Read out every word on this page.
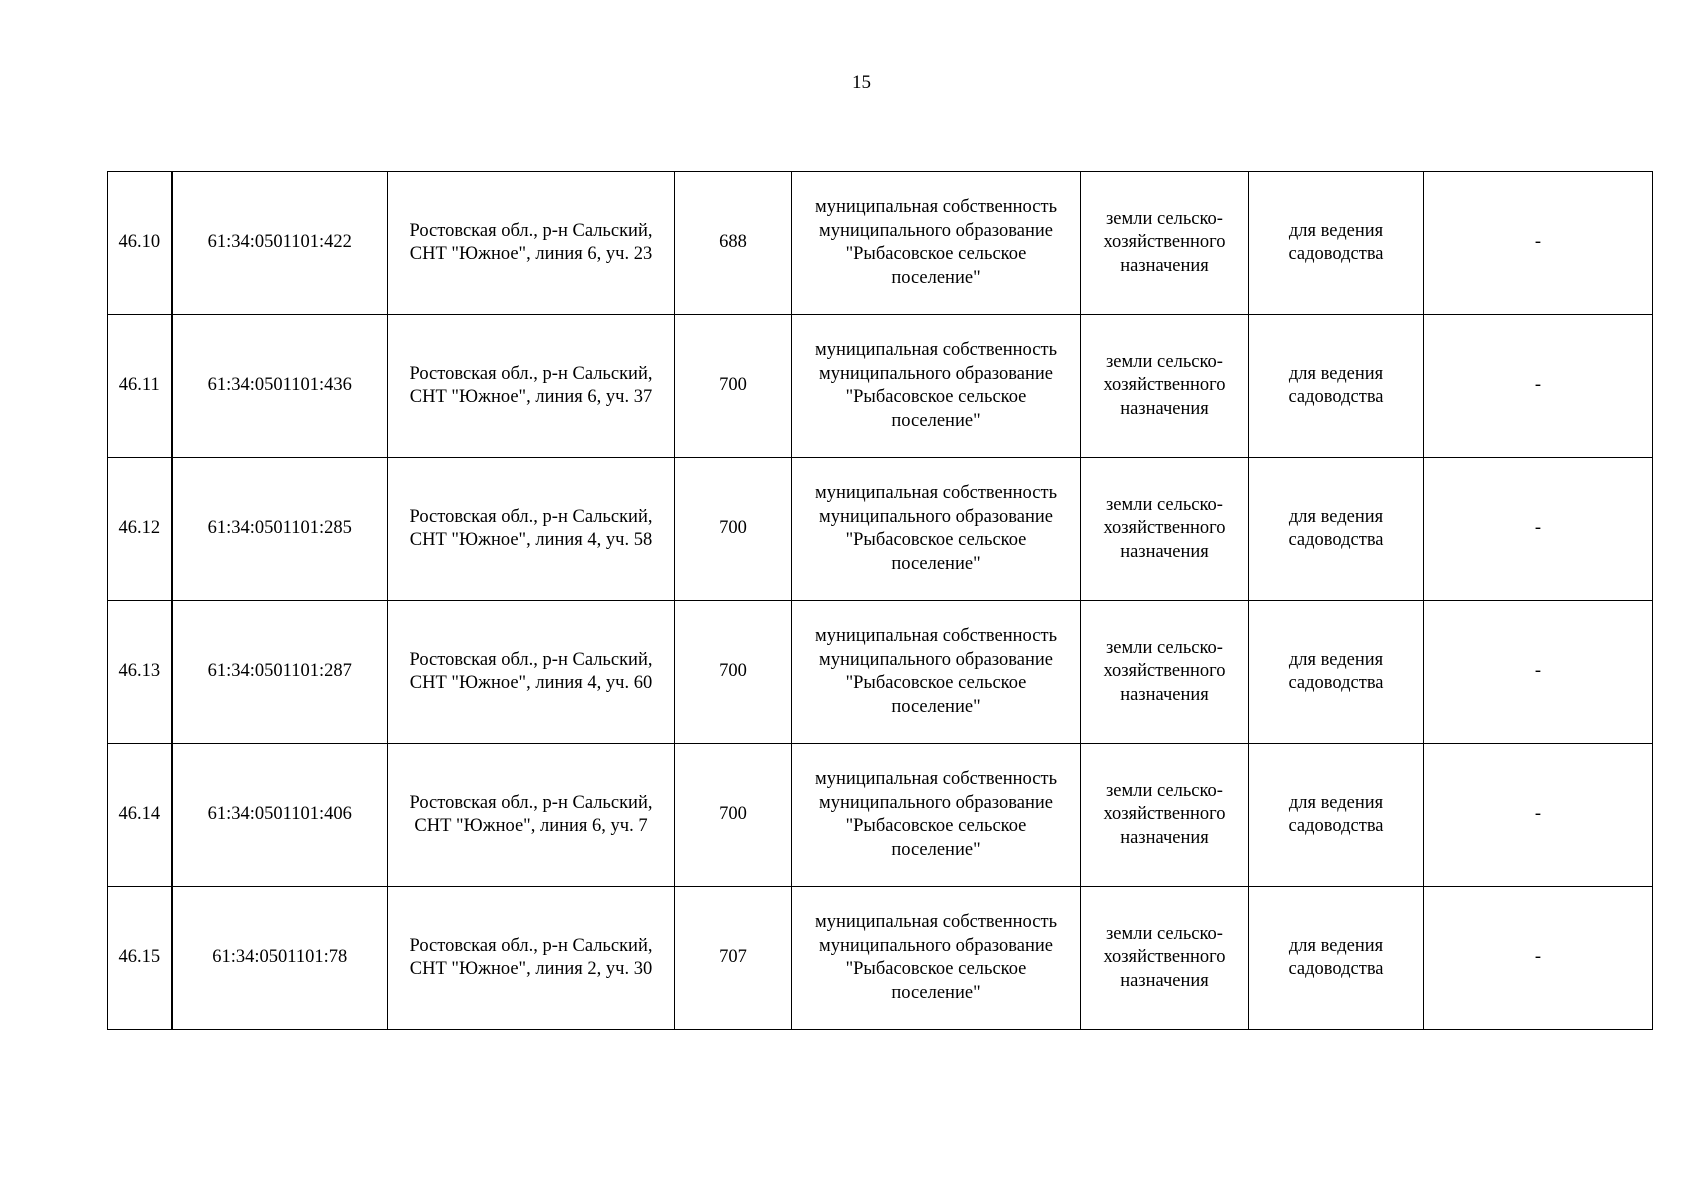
15
46.10	61:34:0501101:422	Ростовская обл., р-н Сальский,
СНТ "Южное", линия 6, уч. 23	688	муниципальная собственность
муниципального образование
"Рыбасовское сельское
поселение"	земли сельско-
хозяйственного
назначения	для ведения
садоводства	-
46.11	61:34:0501101:436	Ростовская обл., р-н Сальский,
СНТ "Южное", линия 6, уч. 37	700	муниципальная собственность
муниципального образование
"Рыбасовское сельское
поселение"	земли сельско-
хозяйственного
назначения	для ведения
садоводства	-
46.12	61:34:0501101:285	Ростовская обл., р-н Сальский,
СНТ "Южное", линия 4, уч. 58	700	муниципальная собственность
муниципального образование
"Рыбасовское сельское
поселение"	земли сельско-
хозяйственного
назначения	для ведения
садоводства	-
46.13	61:34:0501101:287	Ростовская обл., р-н Сальский,
СНТ "Южное", линия 4, уч. 60	700	муниципальная собственность
муниципального образование
"Рыбасовское сельское
поселение"	земли сельско-
хозяйственного
назначения	для ведения
садоводства	-
46.14	61:34:0501101:406	Ростовская обл., р-н Сальский,
СНТ "Южное", линия 6, уч. 7	700	муниципальная собственность
муниципального образование
"Рыбасовское сельское
поселение"	земли сельско-
хозяйственного
назначения	для ведения
садоводства	-
46.15	61:34:0501101:78	Ростовская обл., р-н Сальский,
СНТ "Южное", линия 2, уч. 30	707	муниципальная собственность
муниципального образование
"Рыбасовское сельское
поселение"	земли сельско-
хозяйственного
назначения	для ведения
садоводства	-
